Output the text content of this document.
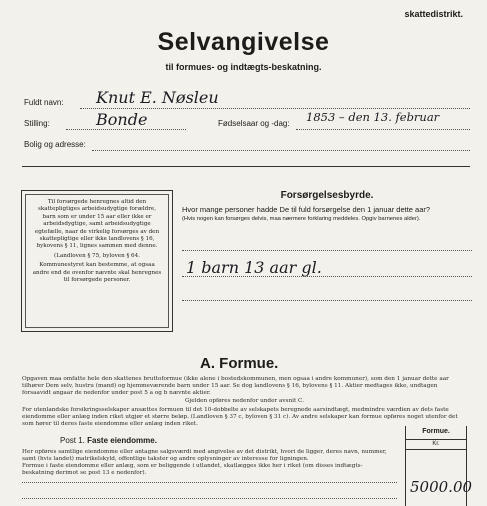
skattedistrikt.
Selvangivelse
til formues- og indtægts-beskatning.
Fuldt navn: Knut E. Nøsleu
Stilling:	Bonde	Fødselsaar og -dag: 1853 – den 13. februar
Bolig og adresse:

Til forsørgede henregnes altid den skattepligtiges arbeidsudygtige forældre, barn som er under 15 aar eller ikke er arbeidsdygtige, samt arbeidsudygtige egtefælle, naar de virkelig forsørges av den skattepligtige eller ikke landlovens § 16, bykovens § 11, lignes sammen med denne.

(Landloven § 75, byloven § 64.

Kommunestyret kan bestemme, at ogsaa andre end de ovenfor nævnte skal henregnes til forsørgede personer.

Forsørgelsesbyrde.
Hvor mange personer hadde De til fuld forsørgelse den 1 januar dette aar?
(Hvis nogen kan forsørges delvis, maa nærmere forklaring meddeles. Opgiv barnenes alder).
1 barn 13 aar gl.
A. Formue.
Opgaven maa omfatte hele den skattenes bruttoformue (ikke alene i bostedskommunen, men ogsaa i andre kommuner), som den 1 januar dette aar tilhører Dem selv, hustru (mand) og hjemmeværende barn under 15 aar. Se dog landlovens § 16, bylovens § 11. Aktier medtages ikke, undtagen forsaavidt angaar de nedenfor under post 5 a og b nævnte aktier.
Gjelden opføres nedenfor under avsnit C.
For utenlandske forsikringsselskaper ansættes formuen til det 10-dobbelte av selskapets beregnede aarsindtægt, medmindre værdien av dets faste eiendomme eller anlæg inden riket utgjør et større beløp. (Landloven § 37 c, byloven § 31 c). Av andre selskaper kan formue opføres noget utenfor det som hører til deres faste eiendomme eller anlæg inden riket.
Post 1. Faste eiendomme.
Her opføres samtlige eiendomme eller antagne salgsværdi med angivelse av det distrikt, hvori de ligger, deres navn, nummer, samt (hvis landet) matrikelskyld, offentlige takster og andre oplysninger av interesse for ligningen.
Formue i faste eiendomme eller anlæg, som er beliggende i utlandet, skatlægges ikke her i riket (om disses indtægts-beskatning derimot se post 13 e nedenfor).
Formue.
Kr.
5000.00
